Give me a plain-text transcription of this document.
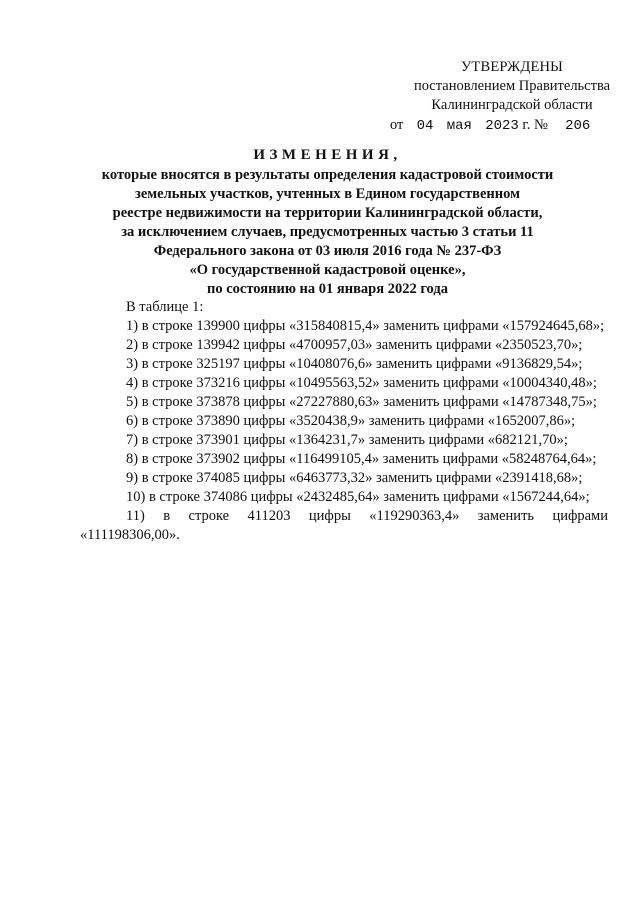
УТВЕРЖДЕНЫ
постановлением Правительства
Калининградской области
от 04 мая 2023 г. № 206
ИЗМЕНЕНИЯ,
которые вносятся в результаты определения кадастровой стоимости
земельных участков, учтенных в Едином государственном
реестре недвижимости на территории Калининградской области,
за исключением случаев, предусмотренных частью 3 статьи 11
Федерального закона от 03 июля 2016 года № 237-ФЗ
«О государственной кадастровой оценке»,
по состоянию на 01 января 2022 года
В таблице 1:
1) в строке 139900 цифры «315840815,4» заменить цифрами «157924645,68»;
2) в строке 139942 цифры «4700957,03» заменить цифрами «2350523,70»;
3) в строке 325197 цифры «10408076,6» заменить цифрами «9136829,54»;
4) в строке 373216 цифры «10495563,52» заменить цифрами «10004340,48»;
5) в строке 373878 цифры «27227880,63» заменить цифрами «14787348,75»;
6) в строке 373890 цифры «3520438,9» заменить цифрами «1652007,86»;
7) в строке 373901 цифры «1364231,7» заменить цифрами «682121,70»;
8) в строке 373902 цифры «116499105,4» заменить цифрами «58248764,64»;
9) в строке 374085 цифры «6463773,32» заменить цифрами «2391418,68»;
10) в строке 374086 цифры «2432485,64» заменить цифрами «1567244,64»;
11) в строке 411203 цифры «119290363,4» заменить цифрами
«111198306,00».
